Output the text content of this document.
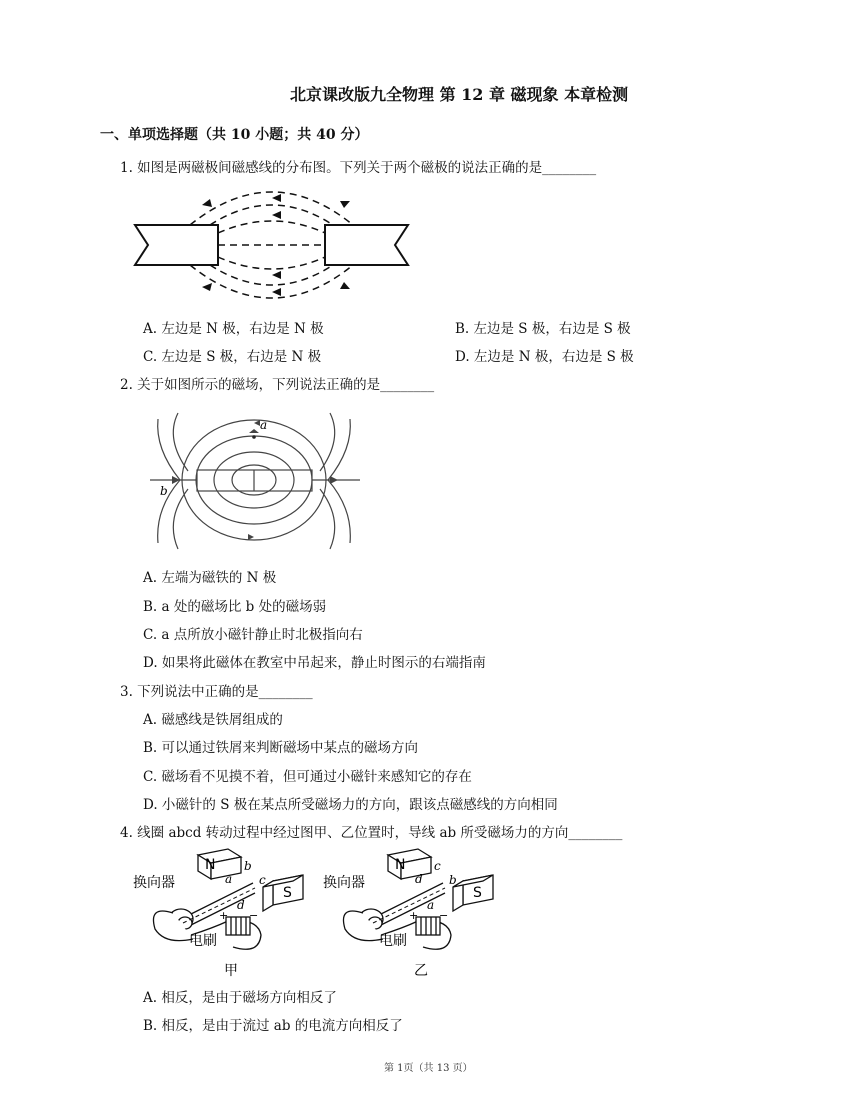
北京课改版九全物理 第 12 章 磁现象 本章检测
一、单项选择题（共 10 小题；共 40 分）
1. 如图是两磁极间磁感线的分布图。下列关于两个磁极的说法正确的是________
A. 左边是 N 极，右边是 N 极	B. 左边是 S 极，右边是 S 极
C. 左边是 S 极，右边是 N 极	D. 左边是 N 极，右边是 S 极
2. 关于如图所示的磁场，下列说法正确的是________
a
b
A. 左端为磁铁的 N 极
B. a 处的磁场比 b 处的磁场弱
C. a 点所放小磁针静止时北极指向右
D. 如果将此磁体在教室中吊起来，静止时图示的右端指南
3. 下列说法中正确的是________
A. 磁感线是铁屑组成的
B. 可以通过铁屑来判断磁场中某点的磁场方向
C. 磁场看不见摸不着，但可通过小磁针来感知它的存在
D. 小磁针的 S 极在某点所受磁场力的方向，跟该点磁感线的方向相同
4. 线圈 abcd 转动过程中经过图甲、乙位置时，导线 ab 所受磁场力的方向________
N
S
换向器
电刷
甲
b
a c
d
+ −
N
S
换向器
电刷
乙
c
d b
a
+ −
A. 相反，是由于磁场方向相反了
B. 相反，是由于流过 ab 的电流方向相反了
第 1页（共 13 页）
